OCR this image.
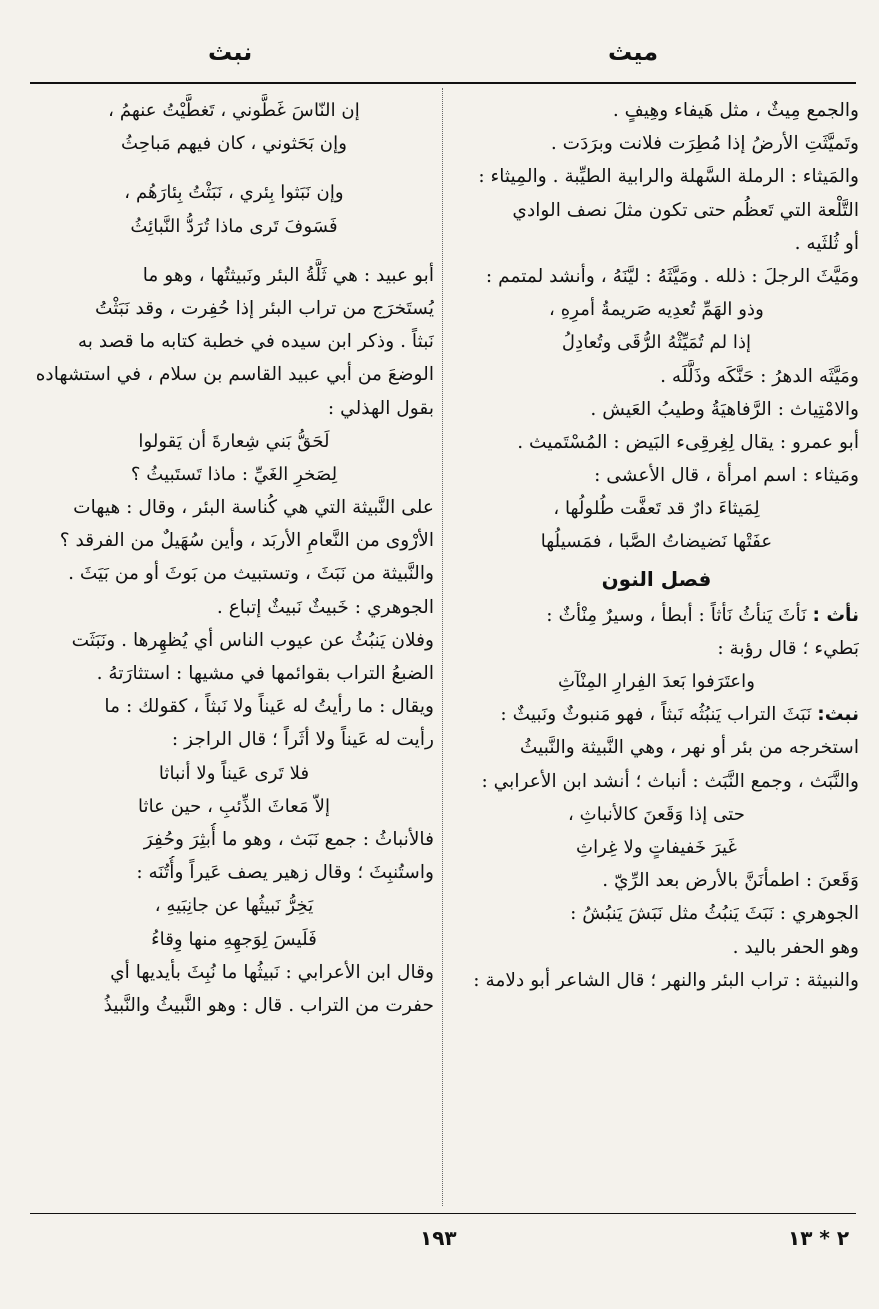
ميث
نبث
والجمع مِيثٌ ، مثل هَيفاء وهِيفٍ .
وتَميَّثَتِ الأرضُ إذا مُطِرَت فلانت وبرَدَت .
والمَيثاء : الرملة السَّهلة والرابية الطيِّبة . والمِيثاء :
التَّلْعة التي تَعظُم حتى تكون مثلَ نصف الوادي
أو ثُلثَيه .
ومَيَّثَ الرجلَ : ذلله . ومَيَّثَهُ : ليَّنَهُ ، وأنشد لمتمم :
وذو الهَمِّ تُعدِيه صَريمةُ أمرِهِ ،
إذا لم تُمَيِّثْهُ الرُّقَى وتُعادِلُ
ومَيَّثَه الدهرُ : حَنَّكَه وذَلَّلَه .
والامْتِياث : الرَّفاهيَةُ وطيبُ العَيش .
أبو عمرو : يقال لِغِرقِىء البَيض : المُسْتَميث .
ومَيثاء : اسم امرأة ، قال الأعشى :
لِمَيثاءَ دارٌ قد تَعفَّت طُلولُها ،
عفَتْها نَضيضاتُ الصَّبا ، فمَسيلُها
فصل النون
نأث : نَأثَ يَنأثُ نَأثاً : أبطأ ، وسيرٌ مِنْأثٌ :
بَطيء ؛ قال رؤبة :
واعتَرَفوا بَعدَ الفِرارِ المِنْآثِ
نبث: نَبَثَ التراب يَنبُثُه نَبثاً ، فهو مَنبوثٌ ونَبيثٌ :
استخرجه من بئر أو نهر ، وهي النَّبيثة والنَّبيثُ
والنَّبَث ، وجمع النَّبَث : أنباث ؛ أنشد ابن الأعرابي :
حتى إذا وَقَعنَ كالأنباثِ ،
غَيرَ خَفيفاتٍ ولا غِراثِ
وَقَعنَ : اطمأنَنَّ بالأرض بعد الرِّيّ .
الجوهري : نَبَثَ يَنبُثُ مثل نَبَشَ يَنبُشُ :
وهو الحفر باليد .
والنبيثة : تراب البئر والنهر ؛ قال الشاعر أبو دلامة :
إن النّاسَ غَطَّوني ، تَغطَّيْتُ عنهمُ ،
وإن بَحَثوني ، كان فيهم مَباحِثُ
وإن نَبَثوا بِئري ، نَبَثْتُ بِئارَهُم ،
فَسَوفَ تَرى ماذا تُرَدُّ النَّبائِثُ
أبو عبيد : هي ثَلَّةُ البئر ونَبيثتُها ، وهو ما
يُستَخرَج من تراب البئر إذا حُفِرت ، وقد نَبَثْتُ
نَبثاً . وذكر ابن سيده في خطبة كتابه ما قصد به
الوضعَ من أبي عبيد القاسم بن سلام ، في استشهاده
بقول الهذلي :
لَحَقُّ بَني شِعارةَ أن يَقولوا
لِصَخرِ الغَيِّ : ماذا تَستَبيثُ ؟
على النَّبيثة التي هي كُناسة البئر ، وقال : هيهات
الأرْوى من النَّعامِ الأربَد ، وأين سُهَيلٌ من الفرقد ؟
والنَّبيثة من نَبَثَ ، وتستبيث من بَوثَ أو من بَيَثَ .
الجوهري : خَبيثٌ نَبيثٌ إتباع .
وفلان يَنبُثُ عن عيوب الناس أي يُظهِرها . ونَبَثَت
الضبعُ التراب بقوائمها في مشيها : استثارَتهُ .
ويقال : ما رأيتُ له عَيناً ولا نَبثاً ، كقولك : ما
رأيت له عَيناً ولا أثَراً ؛ قال الراجز :
فلا تَرى عَيناً ولا أنباثا
إلاّ مَعاثَ الذِّئبِ ، حين عاثا
فالأنباثُ : جمع نَبَث ، وهو ما أُبثِرَ وحُفِرَ
واستُنبِثَ ؛ وقال زهير يصف عَيراً وأُتُنَه :
يَخِرُّ نَبيثُها عن جانِبَيهِ ،
فَلَيسَ لِوَجهِهِ منها وِقاءُ
وقال ابن الأعرابي : نَبيثُها ما نُبِثَ بأيديها أي
حفرت من التراب . قال : وهو النَّبيثُ والنَّبيذُ
١٩٣	٢ * ١٣
